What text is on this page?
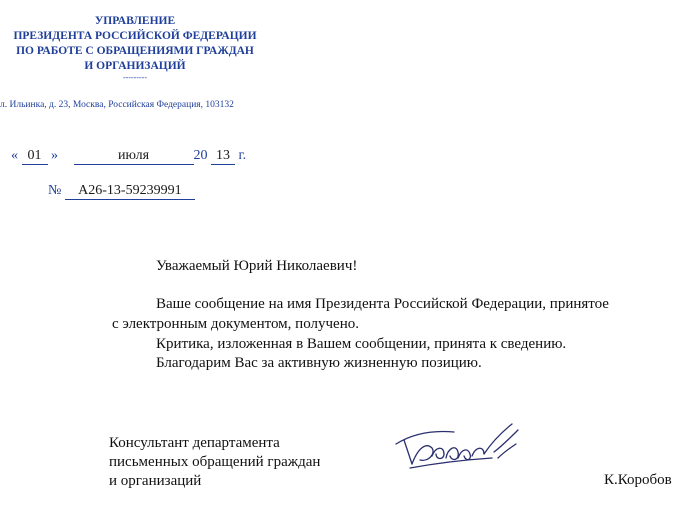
УПРАВЛЕНИЕ
ПРЕЗИДЕНТА РОССИЙСКОЙ ФЕДЕРАЦИИ
ПО РАБОТЕ С ОБРАЩЕНИЯМИ ГРАЖДАН
И ОРГАНИЗАЦИЙ
---------
л. Ильинка, д. 23, Москва, Российская Федерация, 103132
« 01 »	июля	20 13 г.
№ А26-13-59239991
Уважаемый Юрий Николаевич!
Ваше сообщение на имя Президента Российской Федерации, принятое
с электронным документом, получено.
Критика, изложенная в Вашем сообщении, принята к сведению.
Благодарим Вас за активную жизненную позицию.
Консультант департамента
письменных обращений граждан
и организаций	К.Коробов
